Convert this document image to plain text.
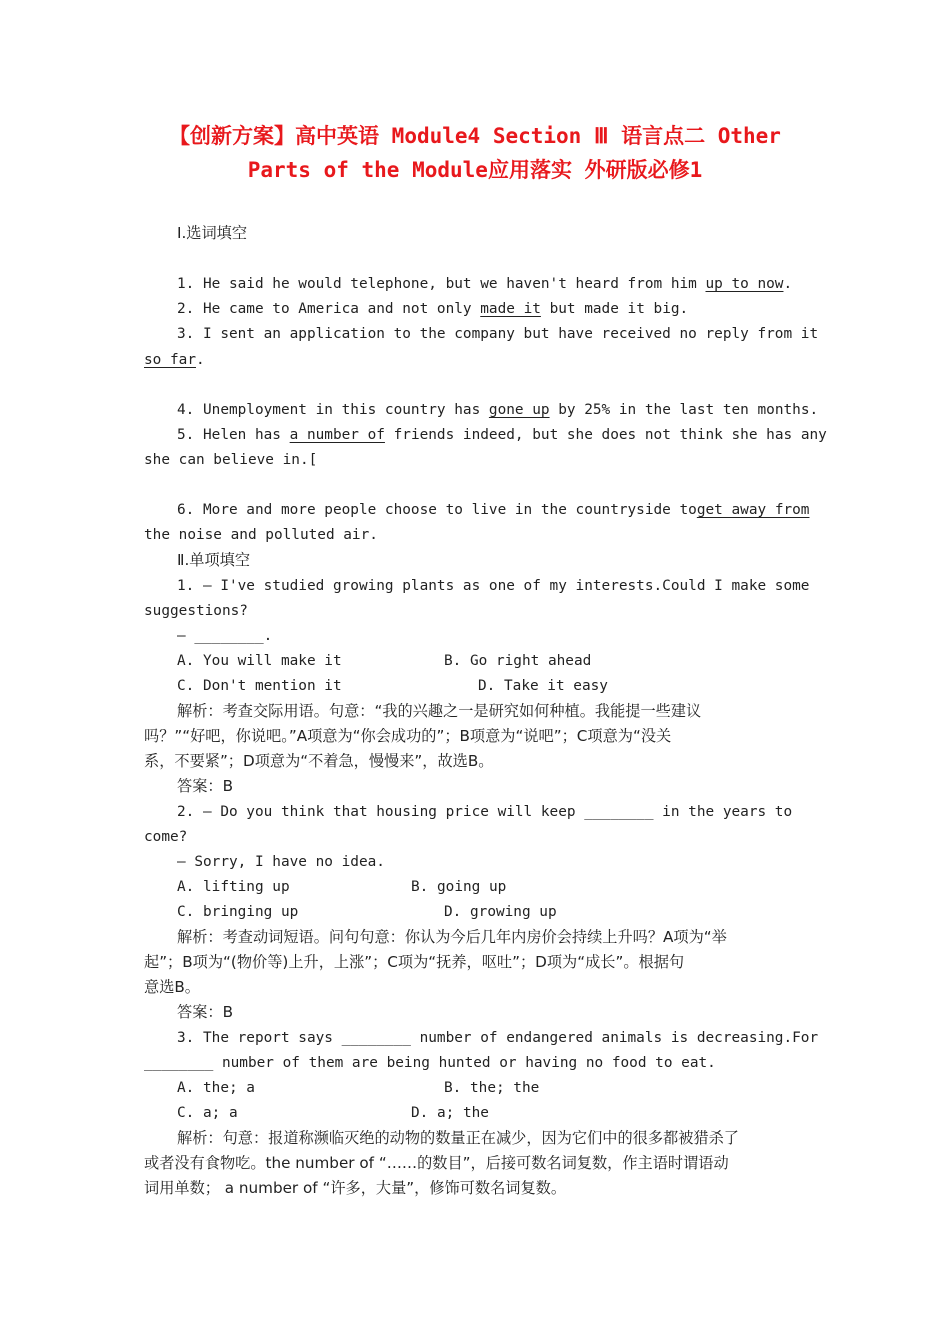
【创新方案】高中英语 Module4 Section Ⅲ 语言点二 Other
Parts of the Module应用落实 外研版必修1
Ⅰ.选词填空
1. He said he would telephone, but we haven't heard from him up to now.
2. He came to America and not only made it but made it big.
3. I sent an application to the company but have received no reply from it
so far.
4. Unemployment in this country has gone up by 25% in the last ten months.
5. Helen has a number of friends indeed, but she does not think she has any
she can believe in.[
6. More and more people choose to live in the countryside toget away from
the noise and polluted air.
Ⅱ.单项填空
1. — I've studied growing plants as one of my interests.Could I make some
suggestions?
— ________.
A. You will make it	B. Go right ahead
C. Don't mention it	D. Take it easy
解析：考查交际用语。句意：“我的兴趣之一是研究如何种植。我能提一些建议
吗？”“好吧，你说吧。”A项意为“你会成功的”；B项意为“说吧”；C项意为“没关
系，不要紧”；D项意为“不着急，慢慢来”，故选B。
答案：B
2. — Do you think that housing price will keep ________ in the years to
come?
— Sorry, I have no idea.
A. lifting up	B. going up
C. bringing up	D. growing up
解析：考查动词短语。问句句意：你认为今后几年内房价会持续上升吗？A项为“举
起”；B项为“(物价等)上升，上涨”；C项为“抚养，呕吐”；D项为“成长”。根据句
意选B。
答案：B
3. The report says ________ number of endangered animals is decreasing.For
________ number of them are being hunted or having no food to eat.
A. the; a	B. the; the
C. a; a	D. a; the
解析：句意：报道称濒临灭绝的动物的数量正在减少，因为它们中的很多都被猎杀了
或者没有食物吃。the number of “……的数目”，后接可数名词复数，作主语时谓语动
词用单数； a number of “许多，大量”，修饰可数名词复数。
